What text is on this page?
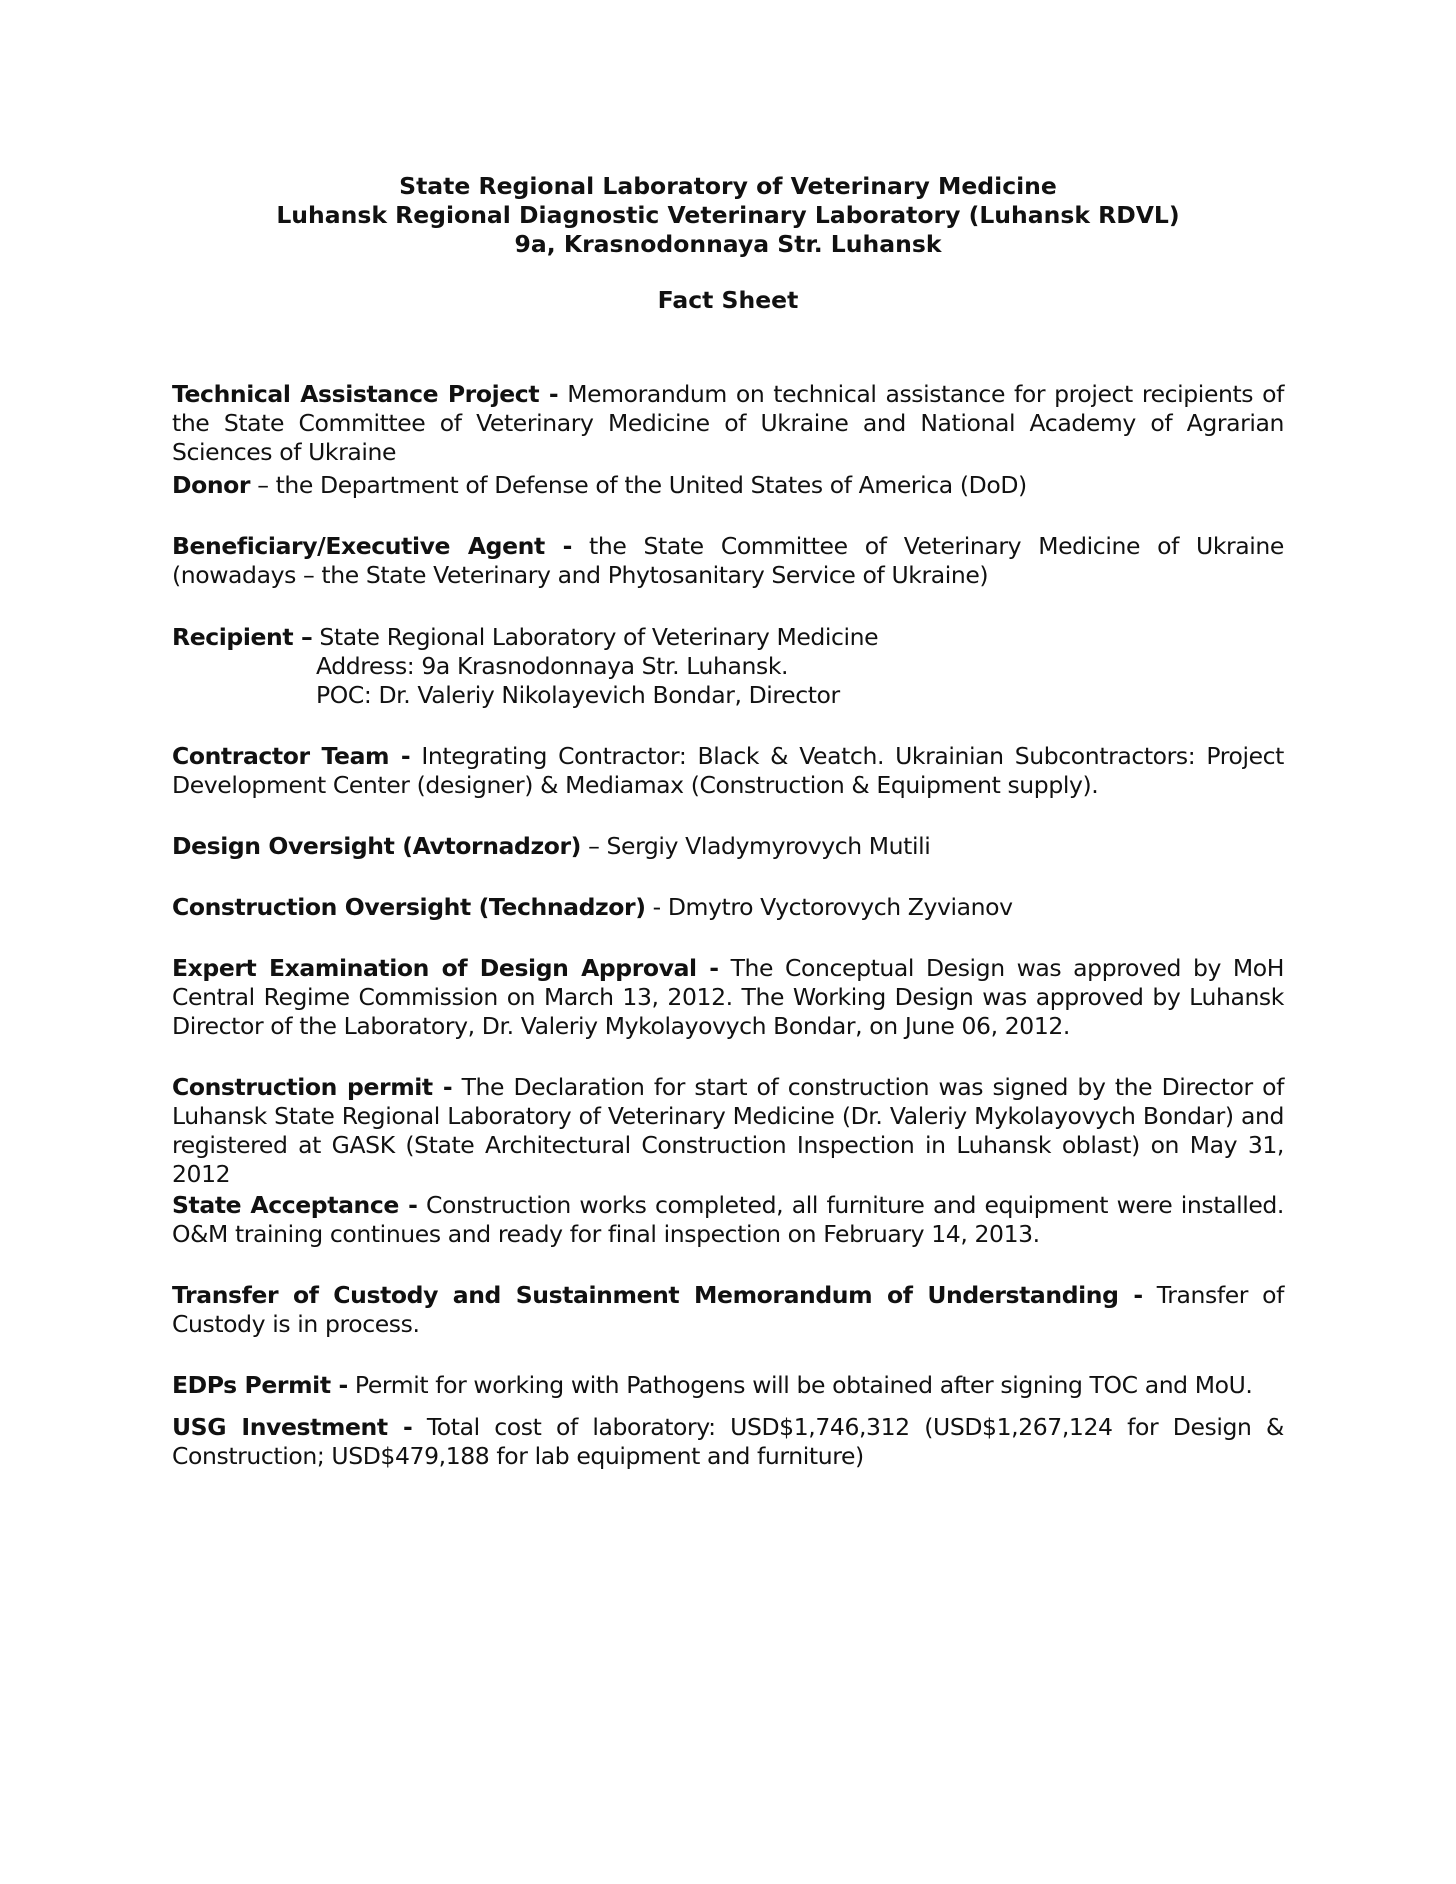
State Regional Laboratory of Veterinary Medicine
Luhansk Regional Diagnostic Veterinary Laboratory (Luhansk RDVL)
9a, Krasnodonnaya Str. Luhansk
Fact Sheet
Technical Assistance Project - Memorandum on technical assistance for project recipients of the State Committee of Veterinary Medicine of Ukraine and National Academy of Agrarian Sciences of Ukraine
Donor – the Department of Defense of the United States of America (DoD)
Beneficiary/Executive Agent - the State Committee of Veterinary Medicine of Ukraine (nowadays – the State Veterinary and Phytosanitary Service of Ukraine)
Recipient – State Regional Laboratory of Veterinary Medicine
Address: 9a Krasnodonnaya Str. Luhansk.
POC: Dr. Valeriy Nikolayevich Bondar, Director
Contractor Team - Integrating Contractor: Black & Veatch. Ukrainian Subcontractors: Project Development Center (designer) & Mediamax (Construction & Equipment supply).
Design Oversight (Avtornadzor) – Sergiy Vladymyrovych Mutili
Construction Oversight (Technadzor) - Dmytro Vyctorovych Zyvianov
Expert Examination of Design Approval - The Conceptual Design was approved by MoH Central Regime Commission on March 13, 2012. The Working Design was approved by Luhansk Director of the Laboratory, Dr. Valeriy Mykolayovych Bondar, on June 06, 2012.
Construction permit - The Declaration for start of construction was signed by the Director of Luhansk State Regional Laboratory of Veterinary Medicine (Dr. Valeriy Mykolayovych Bondar) and registered at GASK (State Architectural Construction Inspection in Luhansk oblast) on May 31, 2012
State Acceptance - Construction works completed, all furniture and equipment were installed. O&M training continues and ready for final inspection on February 14, 2013.
Transfer of Custody and Sustainment Memorandum of Understanding - Transfer of Custody is in process.
EDPs Permit - Permit for working with Pathogens will be obtained after signing TOC and MoU.
USG Investment - Total cost of laboratory: USD$1,746,312 (USD$1,267,124 for Design & Construction; USD$479,188 for lab equipment and furniture)
